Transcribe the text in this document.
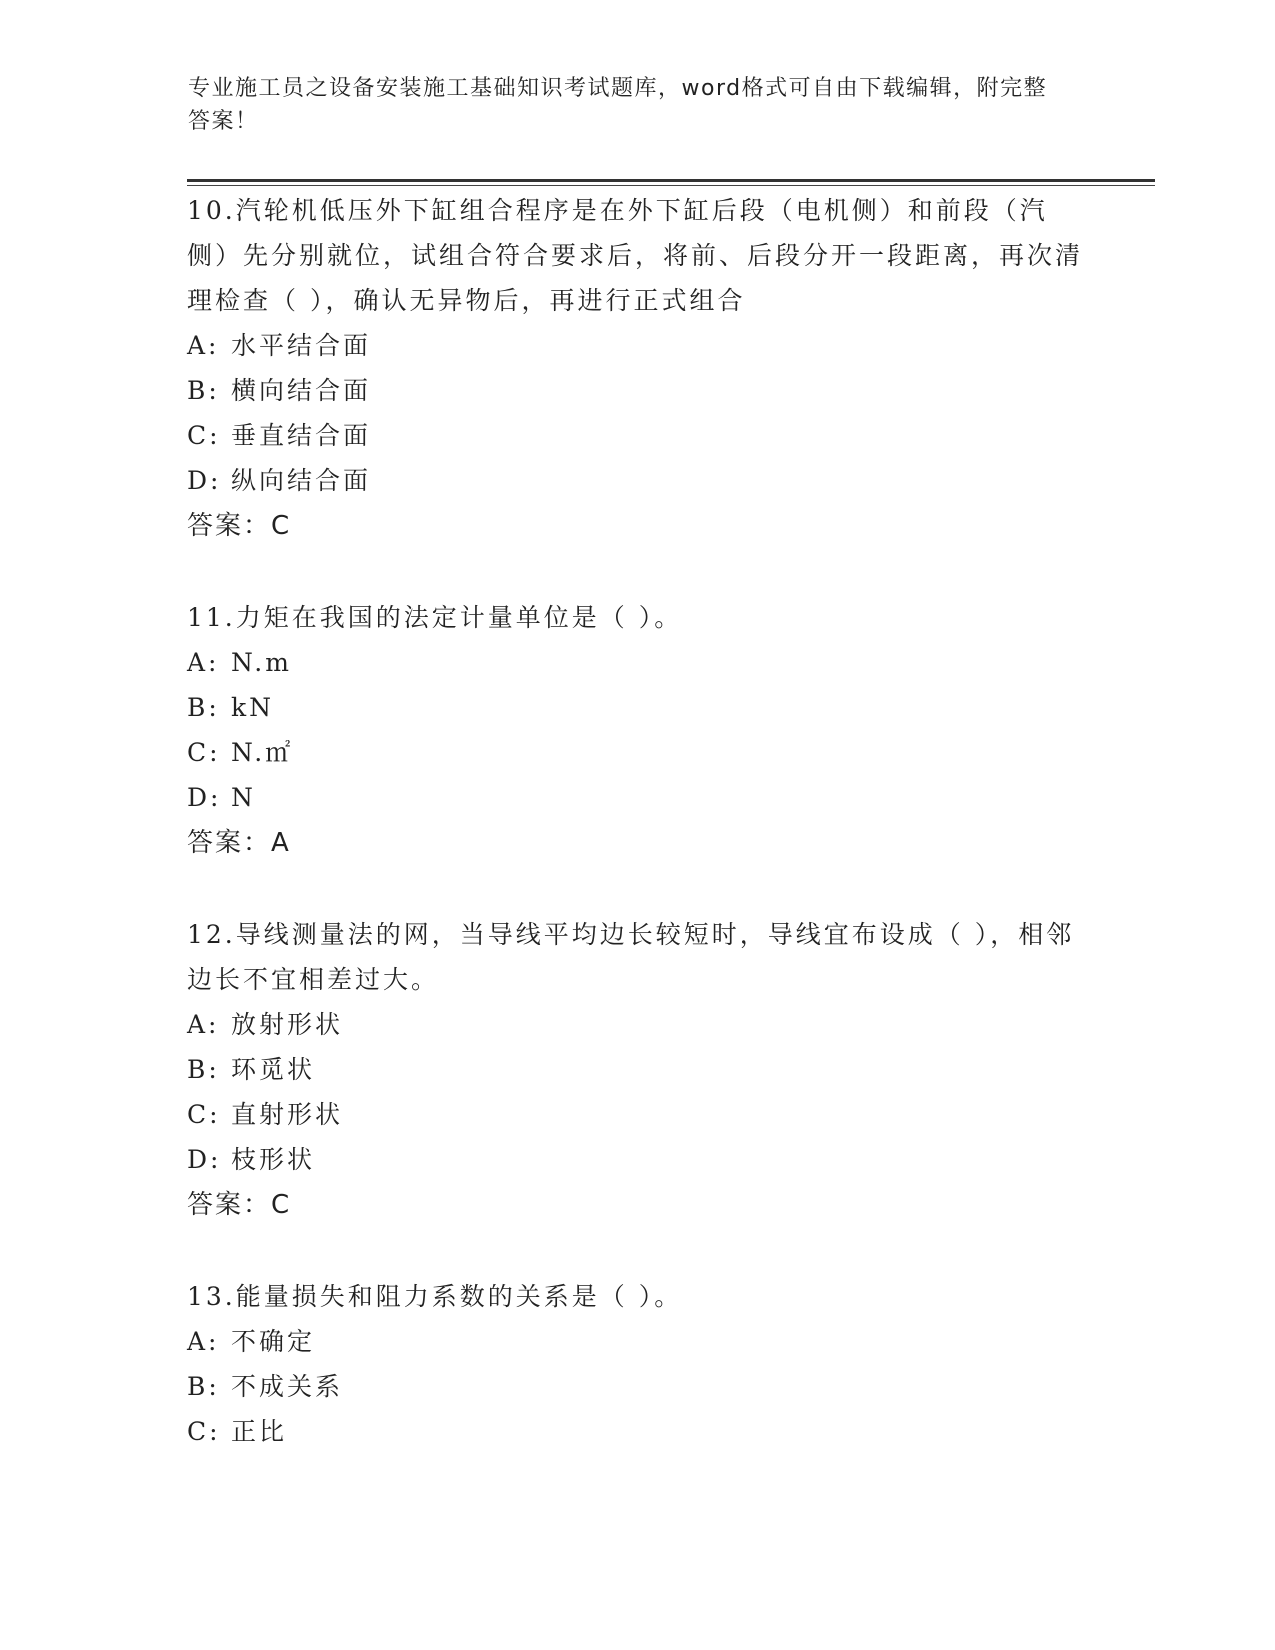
专业施工员之设备安装施工基础知识考试题库，word格式可自由下载编辑，附完整答案！

10.汽轮机低压外下缸组合程序是在外下缸后段（电机侧）和前段（汽侧）先分别就位，试组合符合要求后，将前、后段分开一段距离，再次清理检查（ ），确认无异物后，再进行正式组合

A: 水平结合面

B: 横向结合面

C: 垂直结合面

D: 纵向结合面

答案：C

11.力矩在我国的法定计量单位是（ ）。

A: N.m

B: kN

C: N.㎡

D: N

答案：A

12.导线测量法的网，当导线平均边长较短时，导线宜布设成（ ），相邻边长不宜相差过大。

A: 放射形状

B: 环觅状

C: 直射形状

D: 枝形状

答案：C

13.能量损失和阻力系数的关系是（ ）。

A: 不确定

B: 不成关系

C: 正比
